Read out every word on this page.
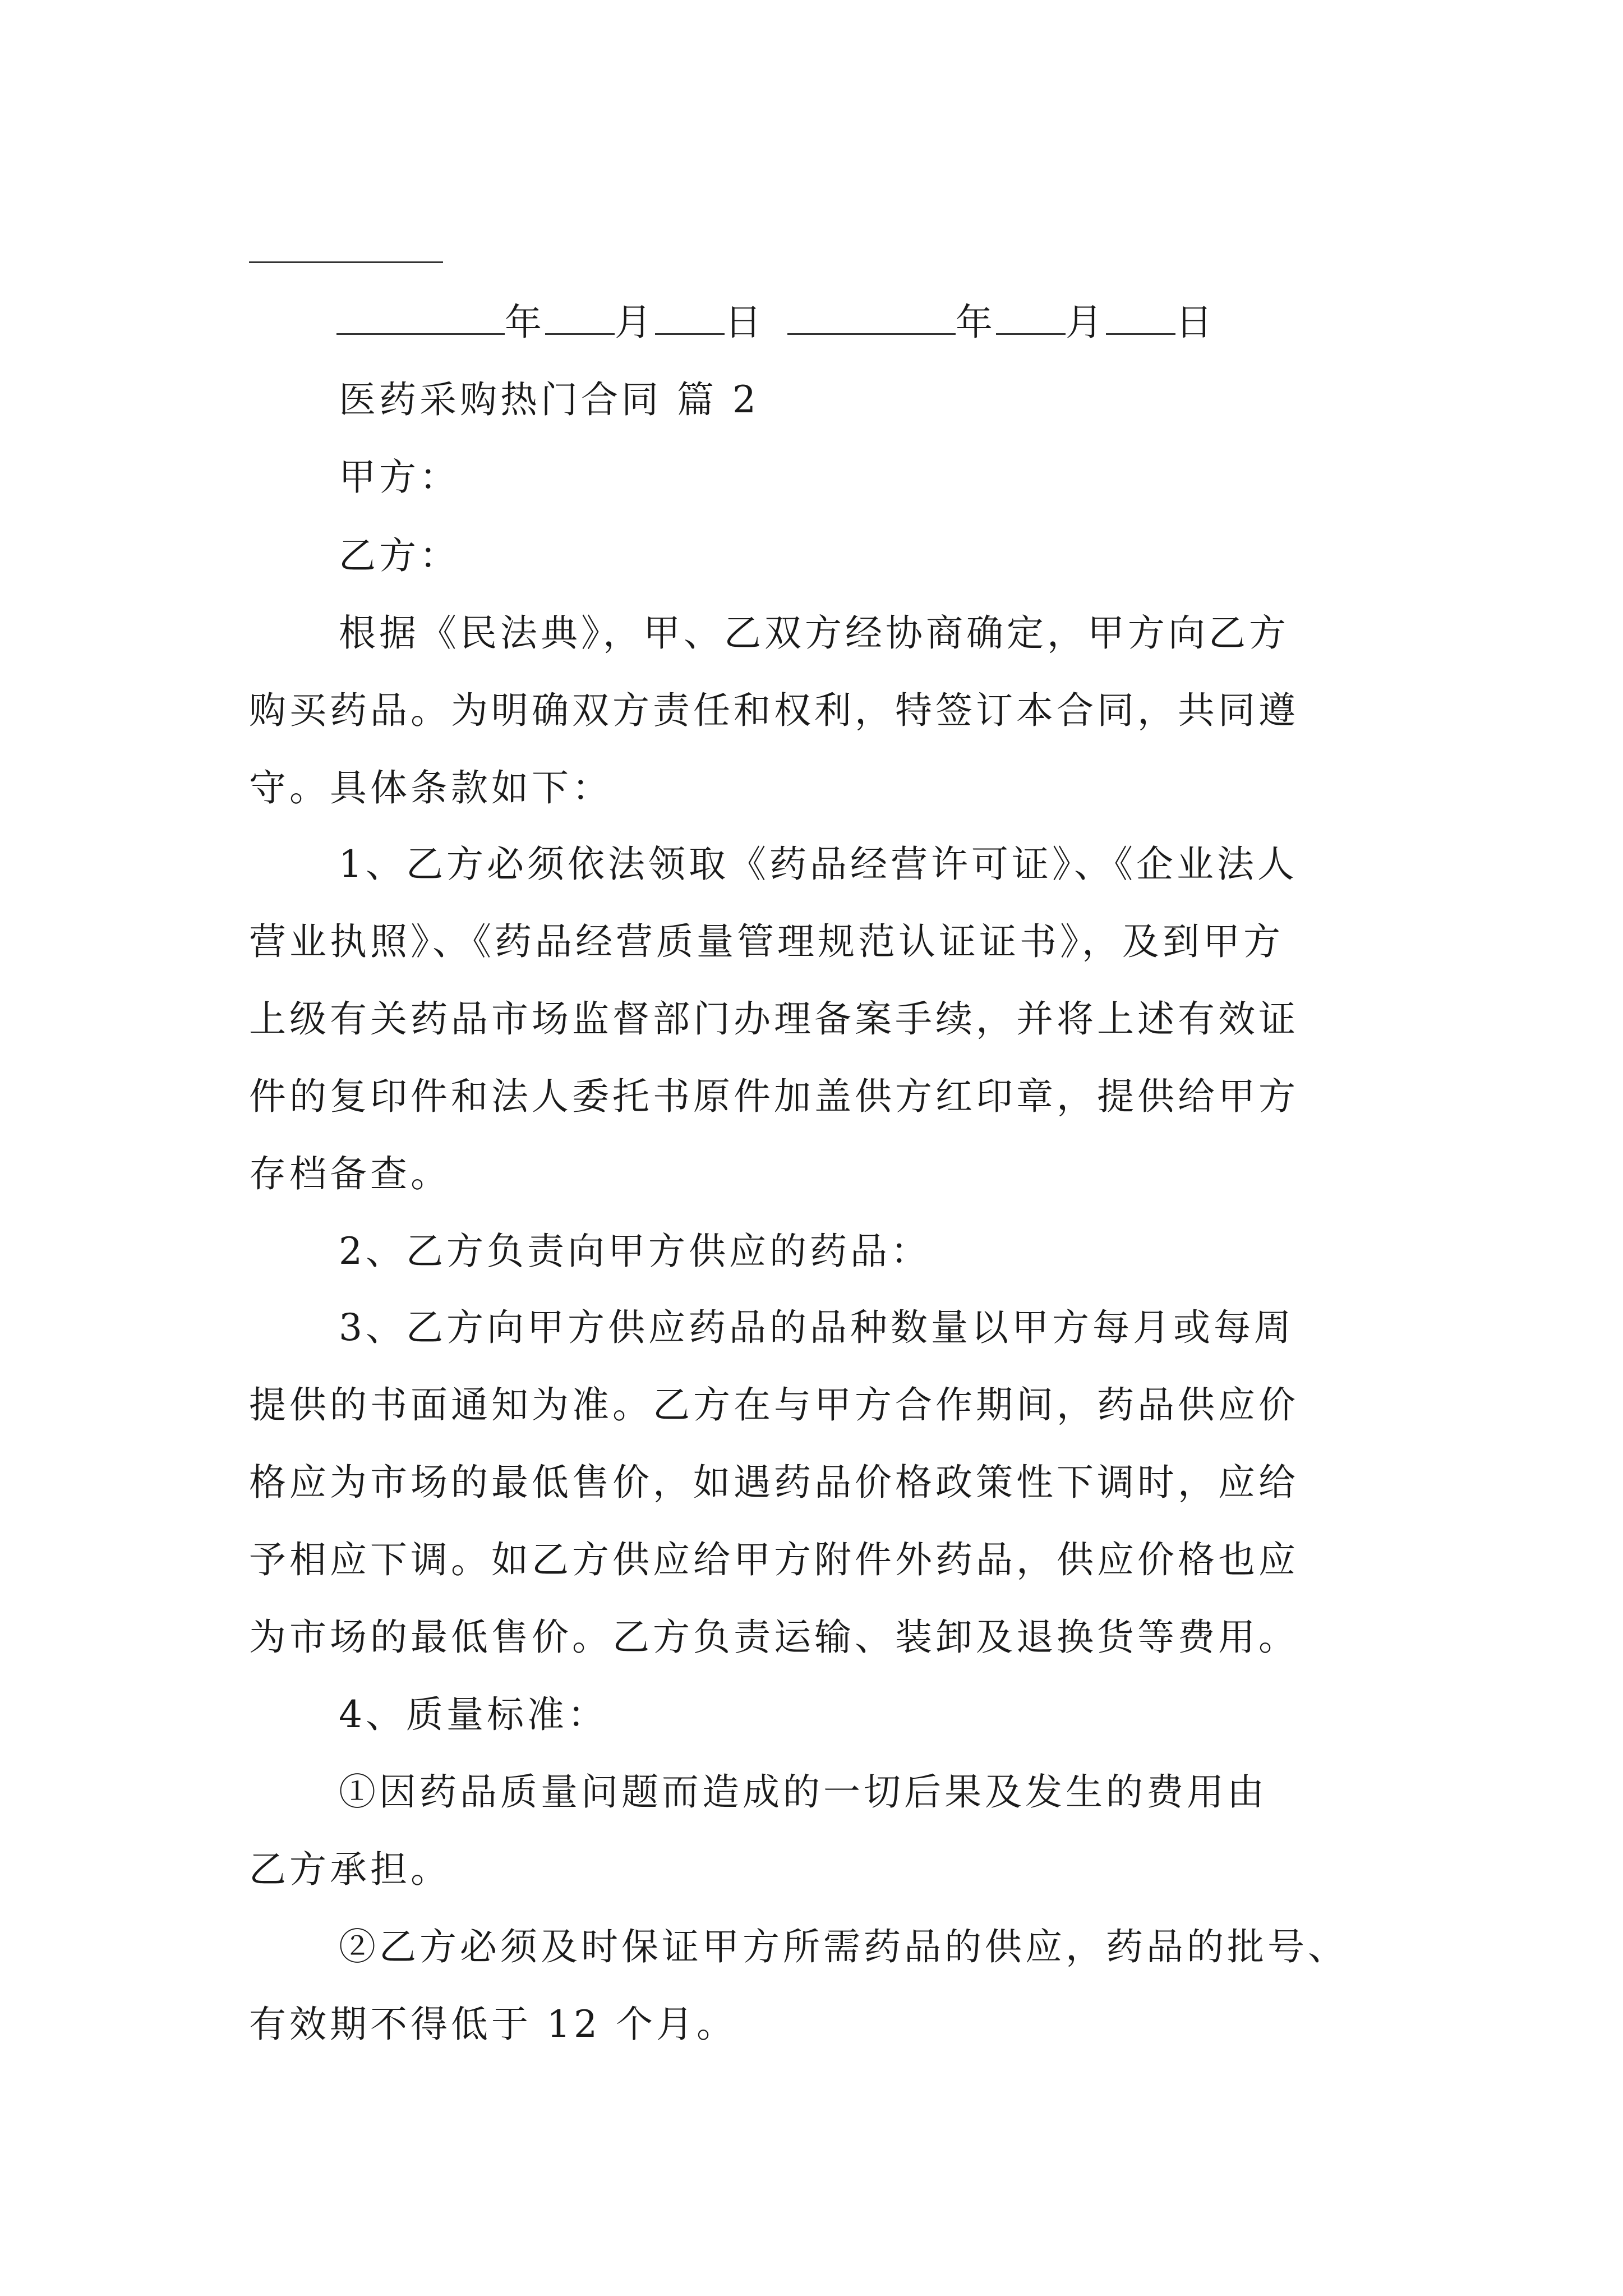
年 月 日	年 月 日
医药采购热门合同 篇 2
甲方：
乙方：
根据《民法典》，甲、乙双方经协商确定，甲方向乙方
购买药品。为明确双方责任和权利，特签订本合同，共同遵
守。具体条款如下：
1、乙方必须依法领取《药品经营许可证》、《企业法人
营业执照》、《药品经营质量管理规范认证证书》，及到甲方
上级有关药品市场监督部门办理备案手续，并将上述有效证
件的复印件和法人委托书原件加盖供方红印章，提供给甲方
存档备查。
2、乙方负责向甲方供应的药品：
3、乙方向甲方供应药品的品种数量以甲方每月或每周
提供的书面通知为准。乙方在与甲方合作期间，药品供应价
格应为市场的最低售价，如遇药品价格政策性下调时，应给
予相应下调。如乙方供应给甲方附件外药品，供应价格也应
为市场的最低售价。乙方负责运输、装卸及退换货等费用。
4、质量标准：
①因药品质量问题而造成的一切后果及发生的费用由
乙方承担。
②乙方必须及时保证甲方所需药品的供应，药品的批号、
有效期不得低于 12 个月。
